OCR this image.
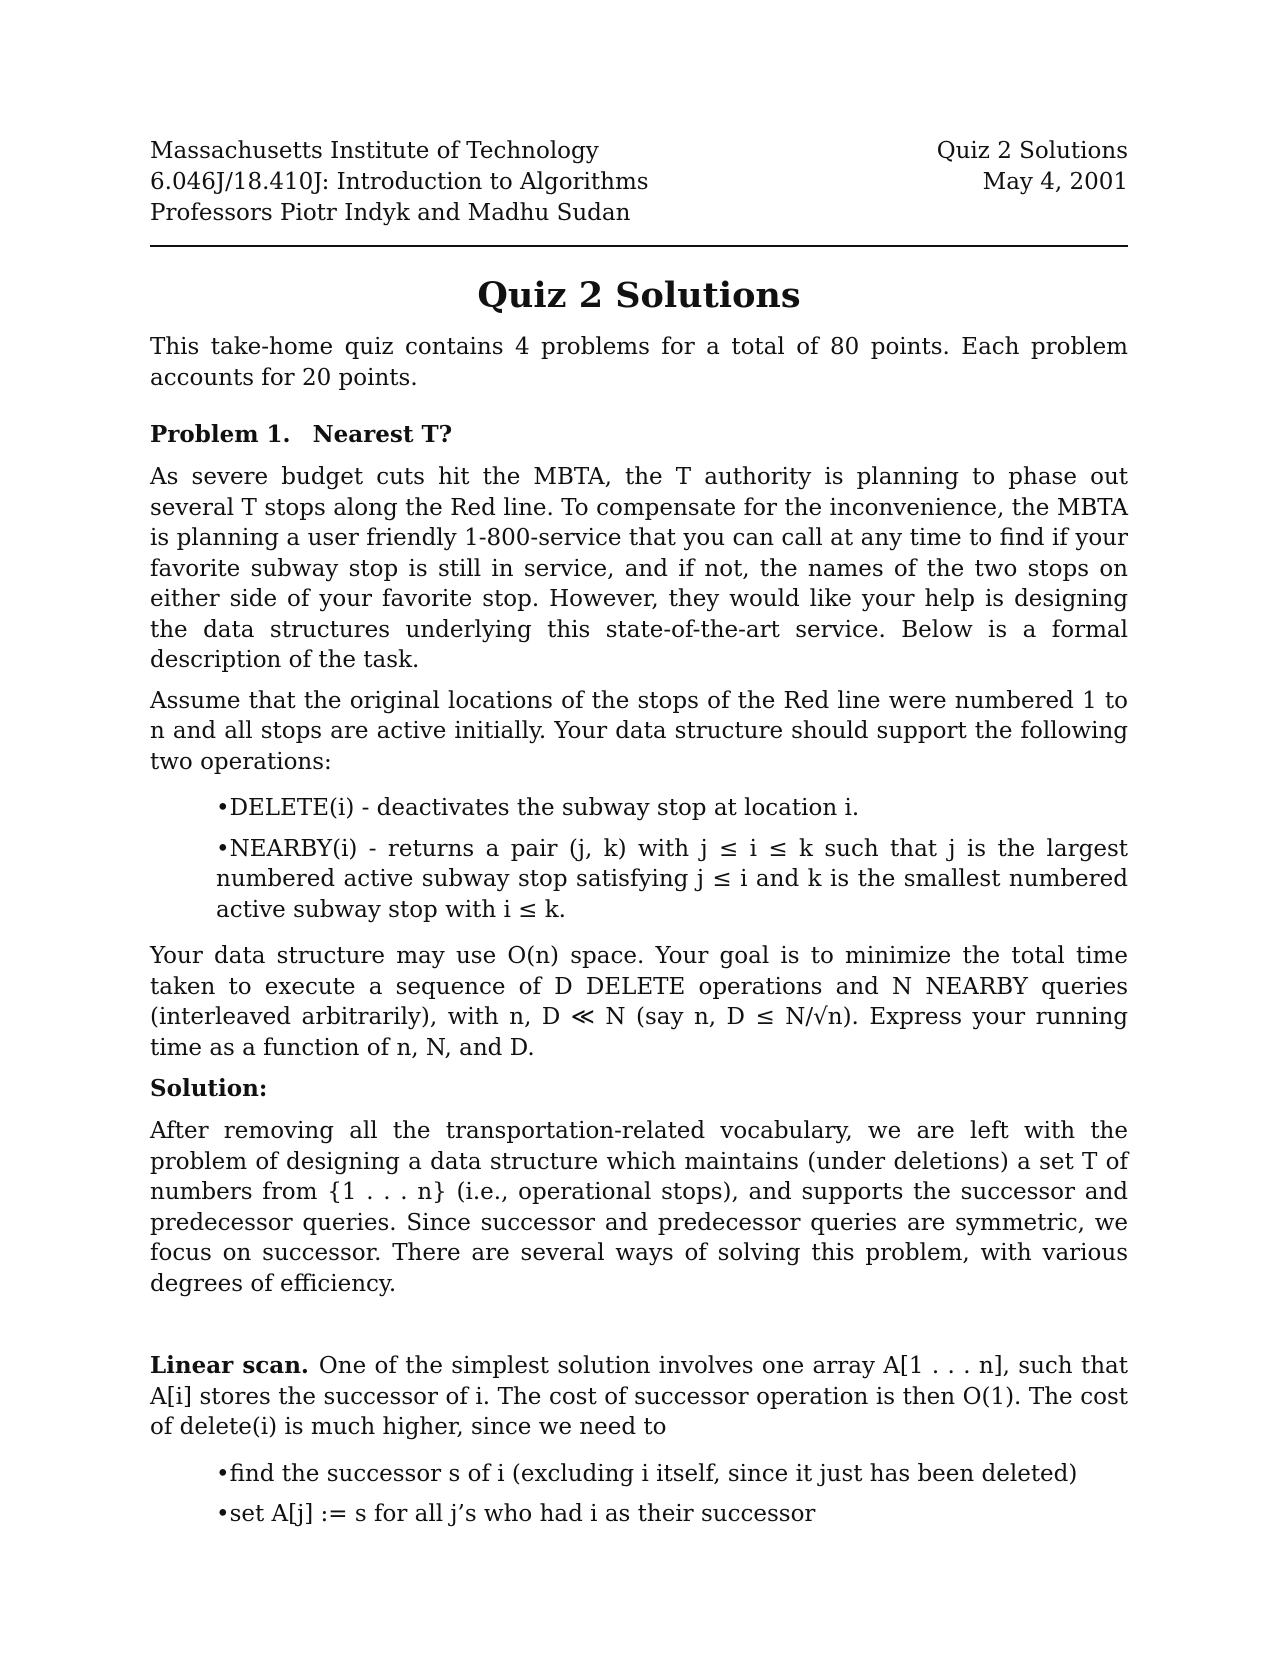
Massachusetts Institute of Technology
6.046J/18.410J: Introduction to Algorithms
Professors Piotr Indyk and Madhu Sudan
Quiz 2 Solutions
May 4, 2001
Quiz 2 Solutions

This take-home quiz contains 4 problems for a total of 80 points. Each problem accounts for 20 points.

Problem 1. Nearest T?

As severe budget cuts hit the MBTA, the T authority is planning to phase out several T stops along the Red line. To compensate for the inconvenience, the MBTA is planning a user friendly 1-800-service that you can call at any time to find if your favorite subway stop is still in service, and if not, the names of the two stops on either side of your favorite stop. However, they would like your help is designing the data structures underlying this state-of-the-art service. Below is a formal description of the task.

Assume that the original locations of the stops of the Red line were numbered 1 to n and all stops are active initially. Your data structure should support the following two operations:

•DELETE(i) - deactivates the subway stop at location i.
•NEARBY(i) - returns a pair (j, k) with j ≤ i ≤ k such that j is the largest numbered active subway stop satisfying j ≤ i and k is the smallest numbered active subway stop with i ≤ k.

Your data structure may use O(n) space. Your goal is to minimize the total time taken to execute a sequence of D DELETE operations and N NEARBY queries (interleaved arbitrarily), with n, D ≪ N (say n, D ≤ N/√n). Express your running time as a function of n, N, and D.

Solution:

After removing all the transportation-related vocabulary, we are left with the problem of designing a data structure which maintains (under deletions) a set T of numbers from {1 . . . n} (i.e., operational stops), and supports the successor and predecessor queries. Since successor and predecessor queries are symmetric, we focus on successor. There are several ways of solving this problem, with various degrees of efficiency.

Linear scan. One of the simplest solution involves one array A[1 . . . n], such that A[i] stores the successor of i. The cost of successor operation is then O(1). The cost of delete(i) is much higher, since we need to

•find the successor s of i (excluding i itself, since it just has been deleted)
•set A[j] := s for all j’s who had i as their successor
